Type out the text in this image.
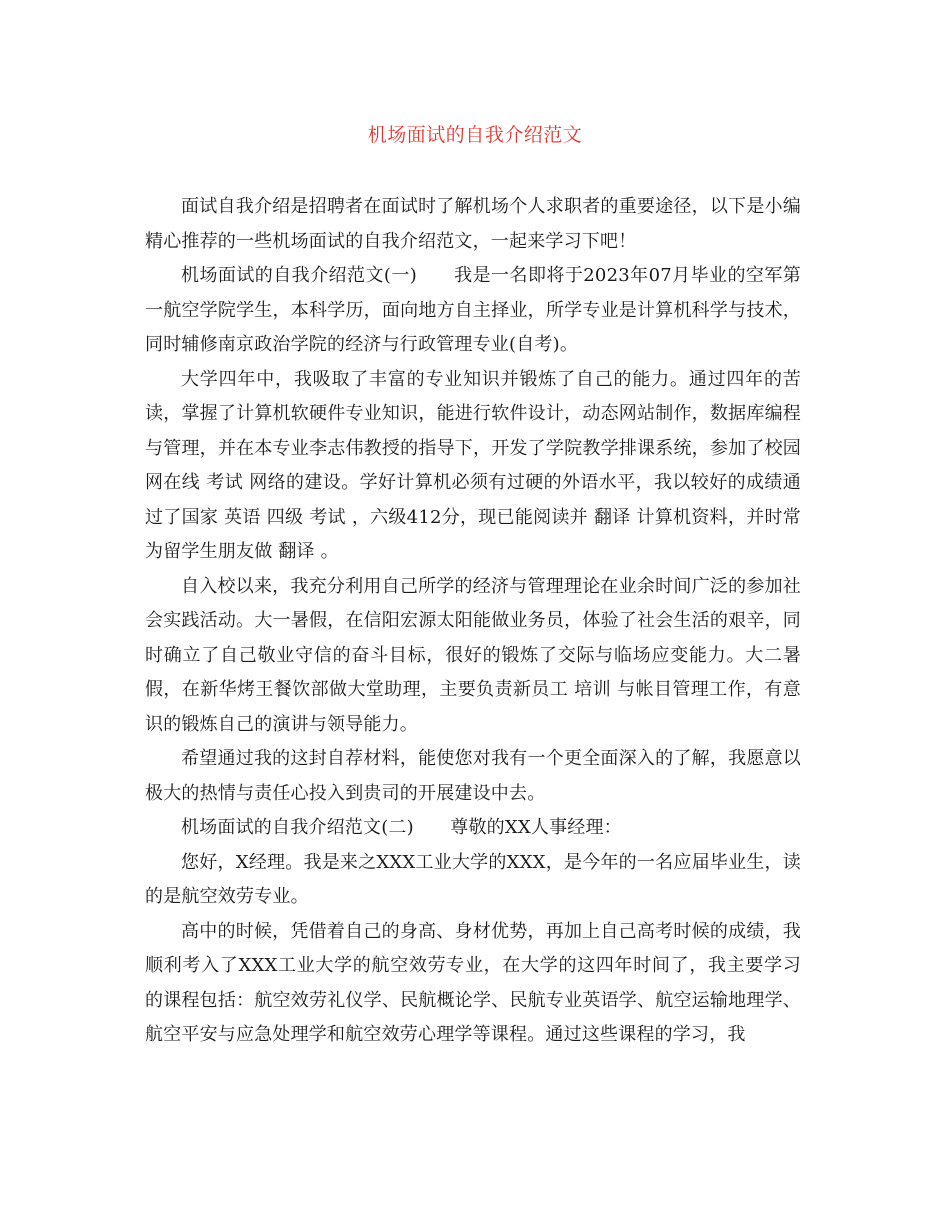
机场面试的自我介绍范文

面试自我介绍是招聘者在面试时了解机场个人求职者的重要途径，以下是小编精心推荐的一些机场面试的自我介绍范文，一起来学习下吧！

机场面试的自我介绍范文(一)　　我是一名即将于2023年07月毕业的空军第一航空学院学生，本科学历，面向地方自主择业，所学专业是计算机科学与技术，同时辅修南京政治学院的经济与行政管理专业(自考)。

大学四年中，我吸取了丰富的专业知识并锻炼了自己的能力。通过四年的苦读，掌握了计算机软硬件专业知识，能进行软件设计，动态网站制作，数据库编程与管理，并在本专业李志伟教授的指导下，开发了学院教学排课系统，参加了校园网在线 考试 网络的建设。学好计算机必须有过硬的外语水平，我以较好的成绩通过了国家 英语 四级 考试 ，六级412分，现已能阅读并 翻译 计算机资料，并时常为留学生朋友做 翻译 。

自入校以来，我充分利用自己所学的经济与管理理论在业余时间广泛的参加社会实践活动。大一暑假，在信阳宏源太阳能做业务员，体验了社会生活的艰辛，同时确立了自己敬业守信的奋斗目标，很好的锻炼了交际与临场应变能力。大二暑假，在新华烤王餐饮部做大堂助理，主要负责新员工 培训 与帐目管理工作，有意识的锻炼自己的演讲与领导能力。

希望通过我的这封自荐材料，能使您对我有一个更全面深入的了解，我愿意以极大的热情与责任心投入到贵司的开展建设中去。

机场面试的自我介绍范文(二)　　尊敬的XX人事经理：

您好，X经理。我是来之XXX工业大学的XXX，是今年的一名应届毕业生，读的是航空效劳专业。

高中的时候，凭借着自己的身高、身材优势，再加上自己高考时候的成绩，我顺利考入了XXX工业大学的航空效劳专业，在大学的这四年时间了，我主要学习的课程包括：航空效劳礼仪学、民航概论学、民航专业英语学、航空运输地理学、航空平安与应急处理学和航空效劳心理学等课程。通过这些课程的学习，我
